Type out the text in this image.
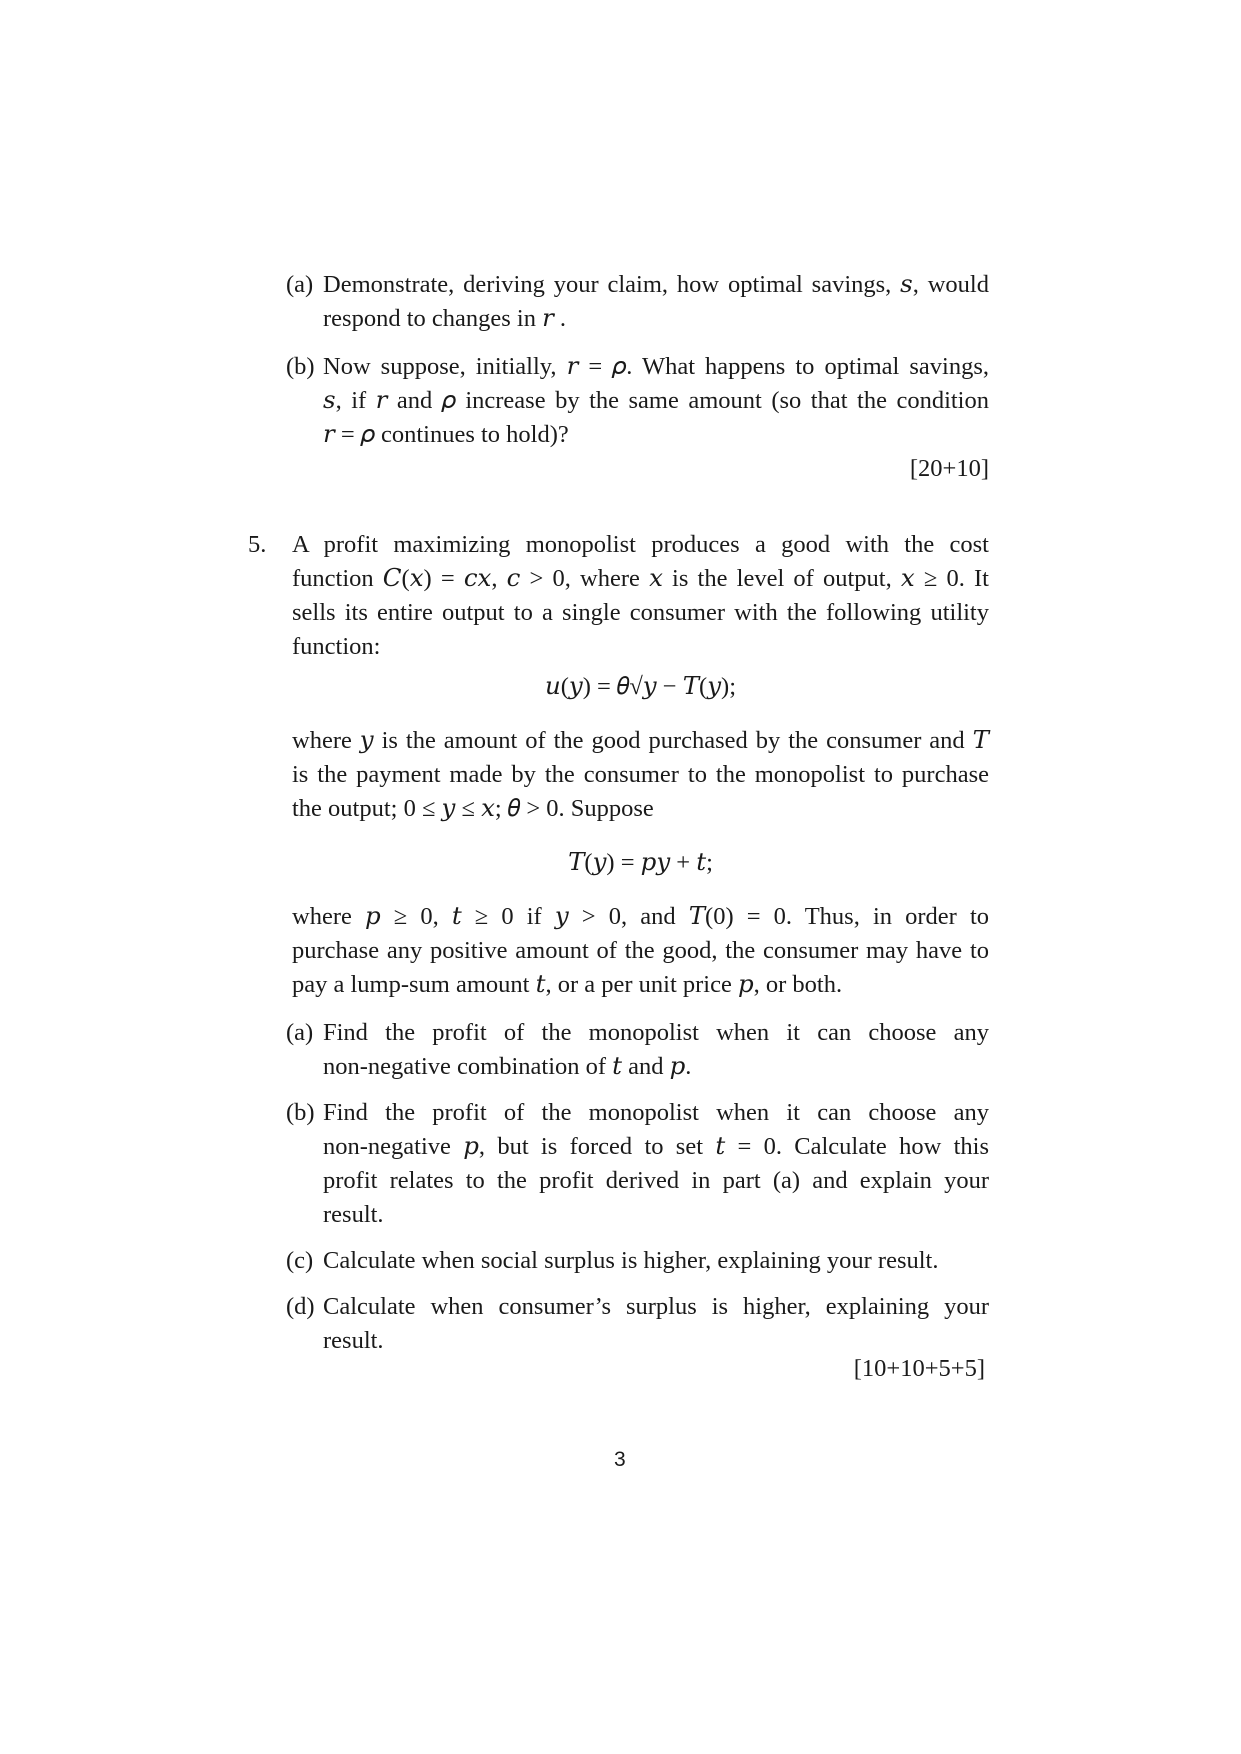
(a) Demonstrate, deriving your claim, how optimal savings, 𝑠, would
respond to changes in 𝑟 .
(b) Now suppose, initially, 𝑟 = 𝜌. What happens to optimal savings,
𝑠, if 𝑟 and 𝜌 increase by the same amount (so that the condition
𝑟 = 𝜌 continues to hold)?
[20+10]
5. A profit maximizing monopolist produces a good with the cost
function 𝐶(𝑥) = 𝑐𝑥, 𝑐 > 0, where 𝑥 is the level of output, 𝑥 ≥ 0. It
sells its entire output to a single consumer with the following utility
function:
𝑢(𝑦) = 𝜃√𝑦 − 𝑇(𝑦);
where 𝑦 is the amount of the good purchased by the consumer and 𝑇
is the payment made by the consumer to the monopolist to purchase
the output; 0 ≤ 𝑦 ≤ 𝑥; 𝜃 > 0. Suppose
𝑇(𝑦) = 𝑝𝑦 + 𝑡;
where 𝑝 ≥ 0, 𝑡 ≥ 0 if 𝑦 > 0, and 𝑇(0) = 0. Thus, in order to
purchase any positive amount of the good, the consumer may have to
pay a lump-sum amount 𝑡, or a per unit price 𝑝, or both.
(a) Find the profit of the monopolist when it can choose any
non-negative combination of 𝑡 and 𝑝.
(b) Find the profit of the monopolist when it can choose any
non-negative 𝑝, but is forced to set 𝑡 = 0. Calculate how this
profit relates to the profit derived in part (a) and explain your
result.
(c) Calculate when social surplus is higher, explaining your result.
(d) Calculate when consumer’s surplus is higher, explaining your
result.
[10+10+5+5]
3
